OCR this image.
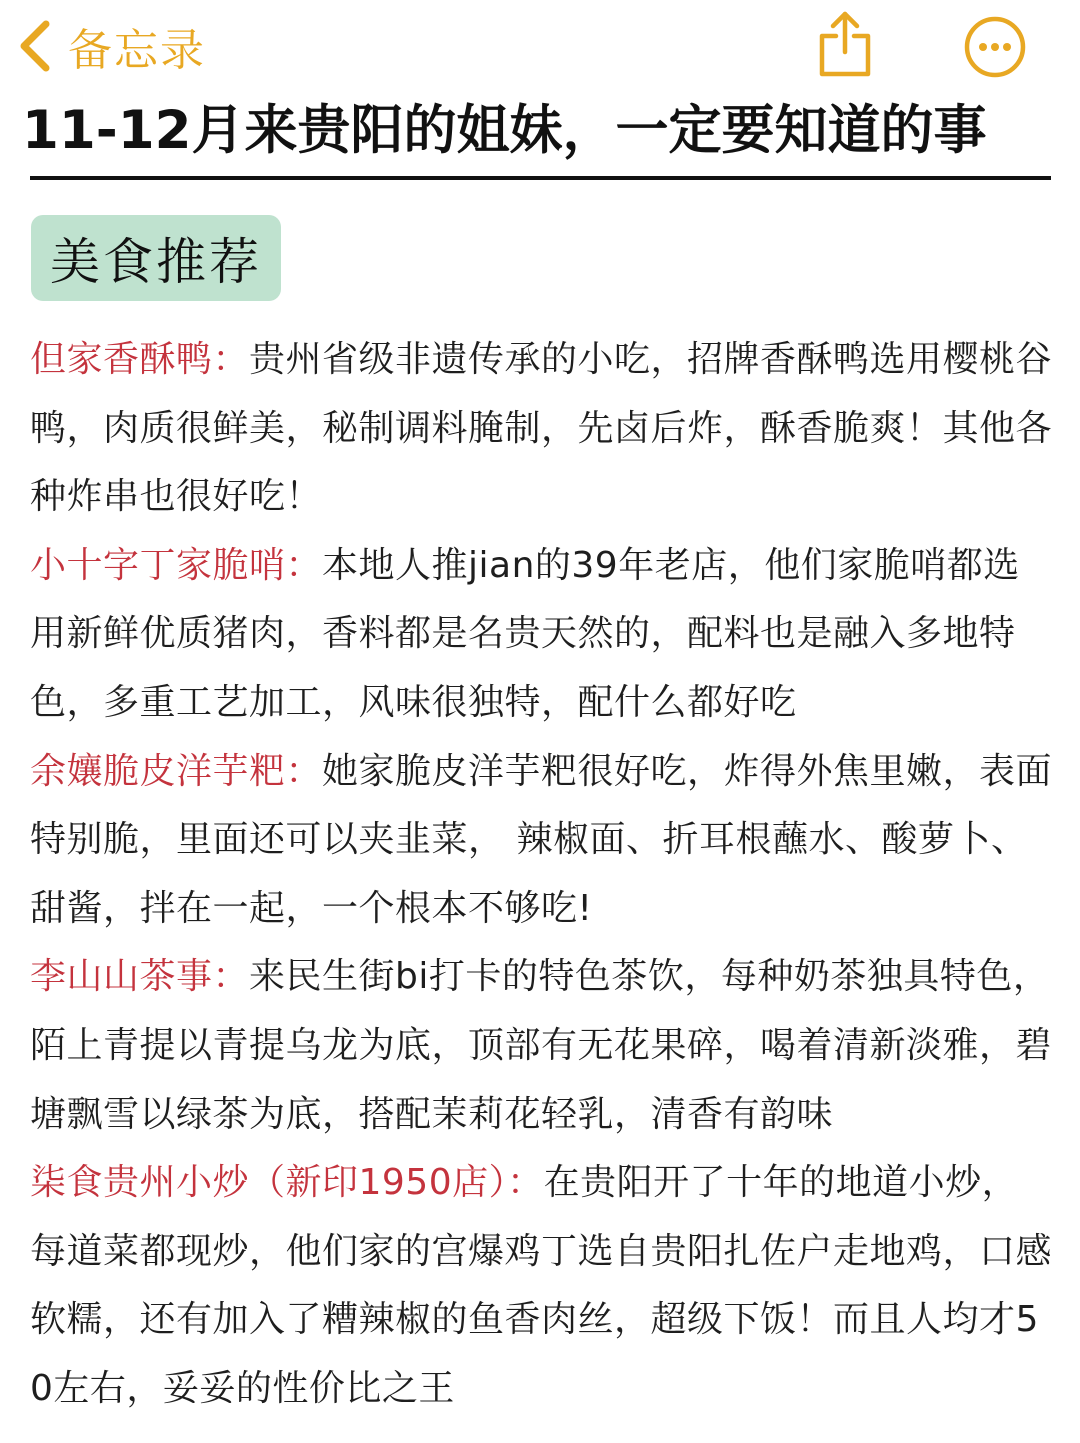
备忘录
11-12月来贵阳的姐妹，一定要知道的事
美食推荐
但家香酥鸭：贵州省级非遗传承的小吃，招牌香酥鸭选用樱桃谷鸭，肉质很鲜美，秘制调料腌制，先卤后炸，酥香脆爽！其他各种炸串也很好吃！
小十字丁家脆哨：本地人推jian的39年老店，他们家脆哨都选用新鲜优质猪肉，香料都是名贵天然的，配料也是融入多地特色，多重工艺加工，风味很独特，配什么都好吃
余孃脆皮洋芋粑：她家脆皮洋芋粑很好吃，炸得外焦里嫩，表面特别脆，里面还可以夹韭菜， 辣椒面、折耳根蘸水、酸萝卜、甜酱，拌在一起，一个根本不够吃!
李山山茶事：来民生街bi打卡的特色茶饮，每种奶茶独具特色，陌上青提以青提乌龙为底，顶部有无花果碎，喝着清新淡雅，碧塘飘雪以绿茶为底，搭配茉莉花轻乳，清香有韵味
柒食贵州小炒（新印1950店）：在贵阳开了十年的地道小炒，每道菜都现炒，他们家的宫爆鸡丁选自贵阳扎佐户走地鸡，口感软糯，还有加入了糟辣椒的鱼香肉丝，超级下饭！而且人均才50左右，妥妥的性价比之王
